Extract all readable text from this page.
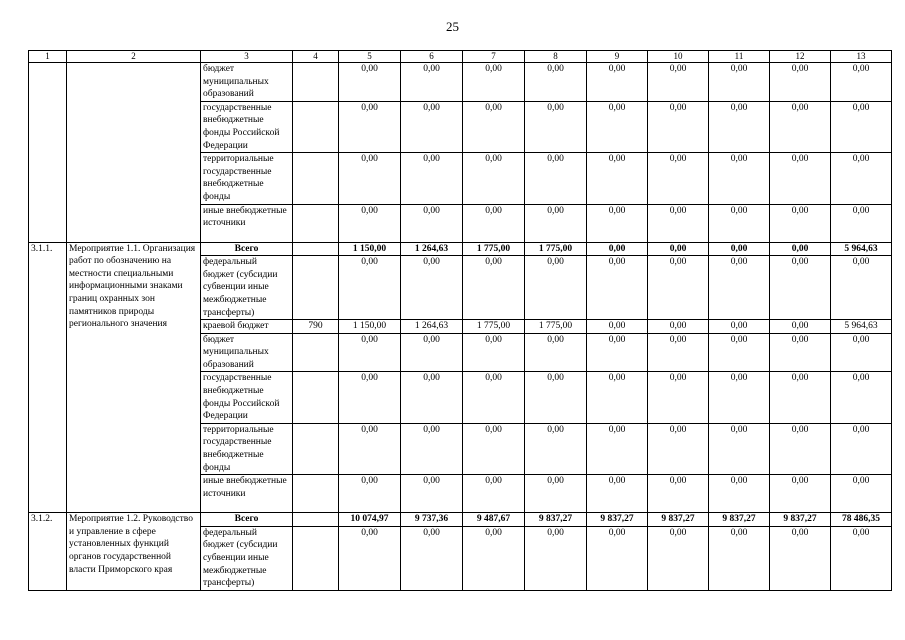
25
1	2	3	4	5	6	7	8	9	10	11	12	13
		бюджет муниципальных образований		0,00	0,00	0,00	0,00	0,00	0,00	0,00	0,00	0,00
		государственные внебюджетные фонды Российской Федерации		0,00	0,00	0,00	0,00	0,00	0,00	0,00	0,00	0,00
		территориальные государственные внебюджетные фонды		0,00	0,00	0,00	0,00	0,00	0,00	0,00	0,00	0,00
		иные внебюджетные источники		0,00	0,00	0,00	0,00	0,00	0,00	0,00	0,00	0,00
3.1.1.	Мероприятие 1.1. Организация работ по обозначению на местности специальными информационными знаками границ охранных зон памятников природы регионального значения	Всего		1 150,00	1 264,63	1 775,00	1 775,00	0,00	0,00	0,00	0,00	5 964,63
		федеральный бюджет (субсидии субвенции иные межбюджетные трансферты)		0,00	0,00	0,00	0,00	0,00	0,00	0,00	0,00	0,00
		краевой бюджет	790	1 150,00	1 264,63	1 775,00	1 775,00	0,00	0,00	0,00	0,00	5 964,63
		бюджет муниципальных образований		0,00	0,00	0,00	0,00	0,00	0,00	0,00	0,00	0,00
		государственные внебюджетные фонды Российской Федерации		0,00	0,00	0,00	0,00	0,00	0,00	0,00	0,00	0,00
		территориальные государственные внебюджетные фонды		0,00	0,00	0,00	0,00	0,00	0,00	0,00	0,00	0,00
		иные внебюджетные источники		0,00	0,00	0,00	0,00	0,00	0,00	0,00	0,00	0,00
3.1.2.	Мероприятие 1.2. Руководство и управление в сфере установленных функций органов государственной власти Приморского края	Всего		10 074,97	9 737,36	9 487,67	9 837,27	9 837,27	9 837,27	9 837,27	9 837,27	78 486,35
		федеральный бюджет (субсидии субвенции иные межбюджетные трансферты)		0,00	0,00	0,00	0,00	0,00	0,00	0,00	0,00	0,00
